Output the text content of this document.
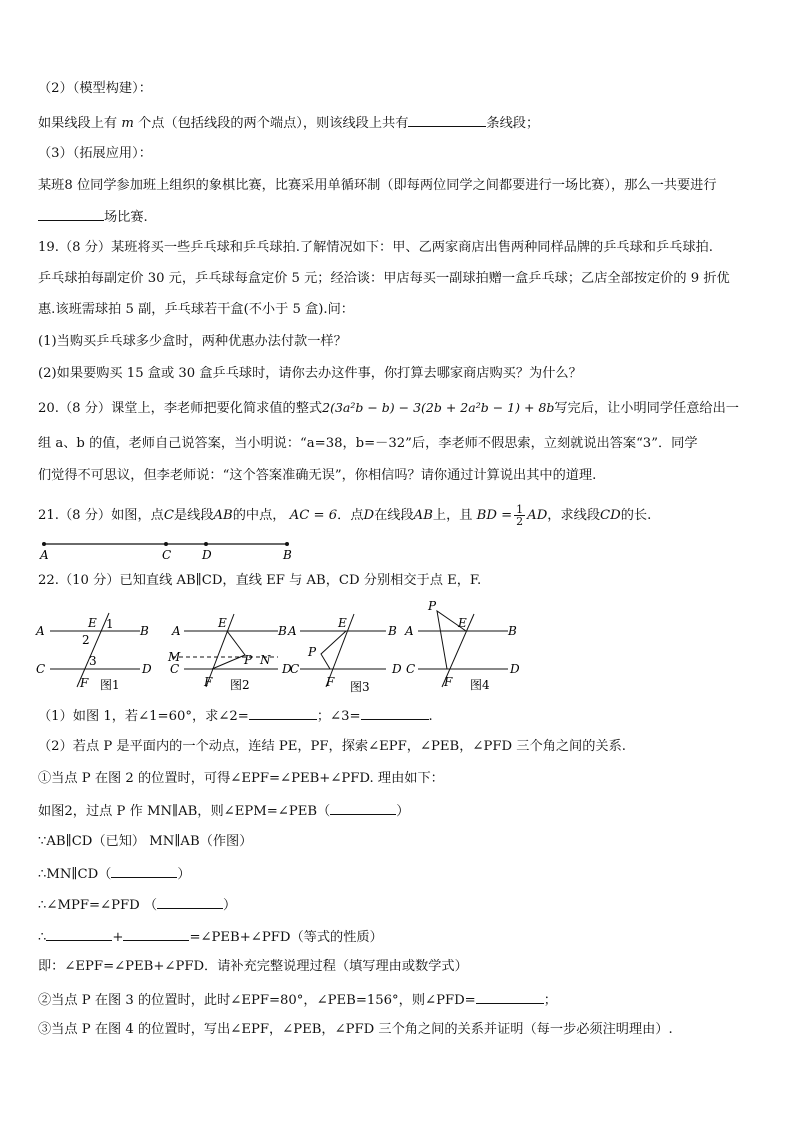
（2）（模型构建）：
如果线段上有 m 个点（包括线段的两个端点），则该线段上共有	条线段；
（3）（拓展应用）：
某班8 位同学参加班上组织的象棋比赛，比赛采用单循环制（即每两位同学之间都要进行一场比赛），那么一共要进行
场比赛.
19.（8 分）某班将买一些乒乓球和乒乓球拍.了解情况如下：甲、乙两家商店出售两种同样品牌的乒乓球和乒乓球拍.
乒乓球拍每副定价 30 元，乒乓球每盒定价 5 元；经洽谈：甲店每买一副球拍赠一盒乒乓球；乙店全部按定价的 9 折优
惠.该班需球拍 5 副，乒乓球若干盒(不小于 5 盒).问：
(1)当购买乒乓球多少盒时，两种优惠办法付款一样？
(2)如果要购买 15 盒或 30 盒乒乓球时，请你去办这件事，你打算去哪家商店购买？为什么？
20.（8 分）课堂上，李老师把要化简求值的整式2(3a²b − b) − 3(2b + 2a²b − 1) + 8b写完后，让小明同学任意给出一
组 a、b 的值，老师自己说答案，当小明说：“a=38，b=－32”后，李老师不假思索，立刻就说出答案“3”．同学
们觉得不可思议，但李老师说：“这个答案准确无误”，你相信吗？请你通过计算说出其中的道理.
21.（8 分）如图，点C是线段AB的中点， AC = 6．点D在线段AB上，且 BD = $\frac{1}{2}$ AD，求线段CD的长.
A	C	D	B
22.（10 分）已知直线 AB∥CD，直线 EF 与 AB，CD 分别相交于点 E，F.
A	B
C	D
E
F
1
2
3
图1
A	B
M
C	D
E
F
P N
图2
A	B
C	D
E
P
F 图3
A	B
C	D
E
P
F 图4
（1）如图 1，若∠1=60°，求∠2=	；∠3=	.
（2）若点 P 是平面内的一个动点，连结 PE，PF，探索∠EPF，∠PEB，∠PFD 三个角之间的关系.
①当点 P 在图 2 的位置时，可得∠EPF=∠PEB+∠PFD. 理由如下：
如图2，过点 P 作 MN∥AB，则∠EPM=∠PEB（	）
∵AB∥CD（已知） MN∥AB（作图）
∴MN∥CD（	）
∴∠MPF=∠PFD （	）
∴	+	=∠PEB+∠PFD（等式的性质）
即：∠EPF=∠PEB+∠PFD．请补充完整说理过程（填写理由或数学式）
②当点 P 在图 3 的位置时，此时∠EPF=80°，∠PEB=156°，则∠PFD=	；
③当点 P 在图 4 的位置时，写出∠EPF，∠PEB，∠PFD 三个角之间的关系并证明（每一步必须注明理由）.
